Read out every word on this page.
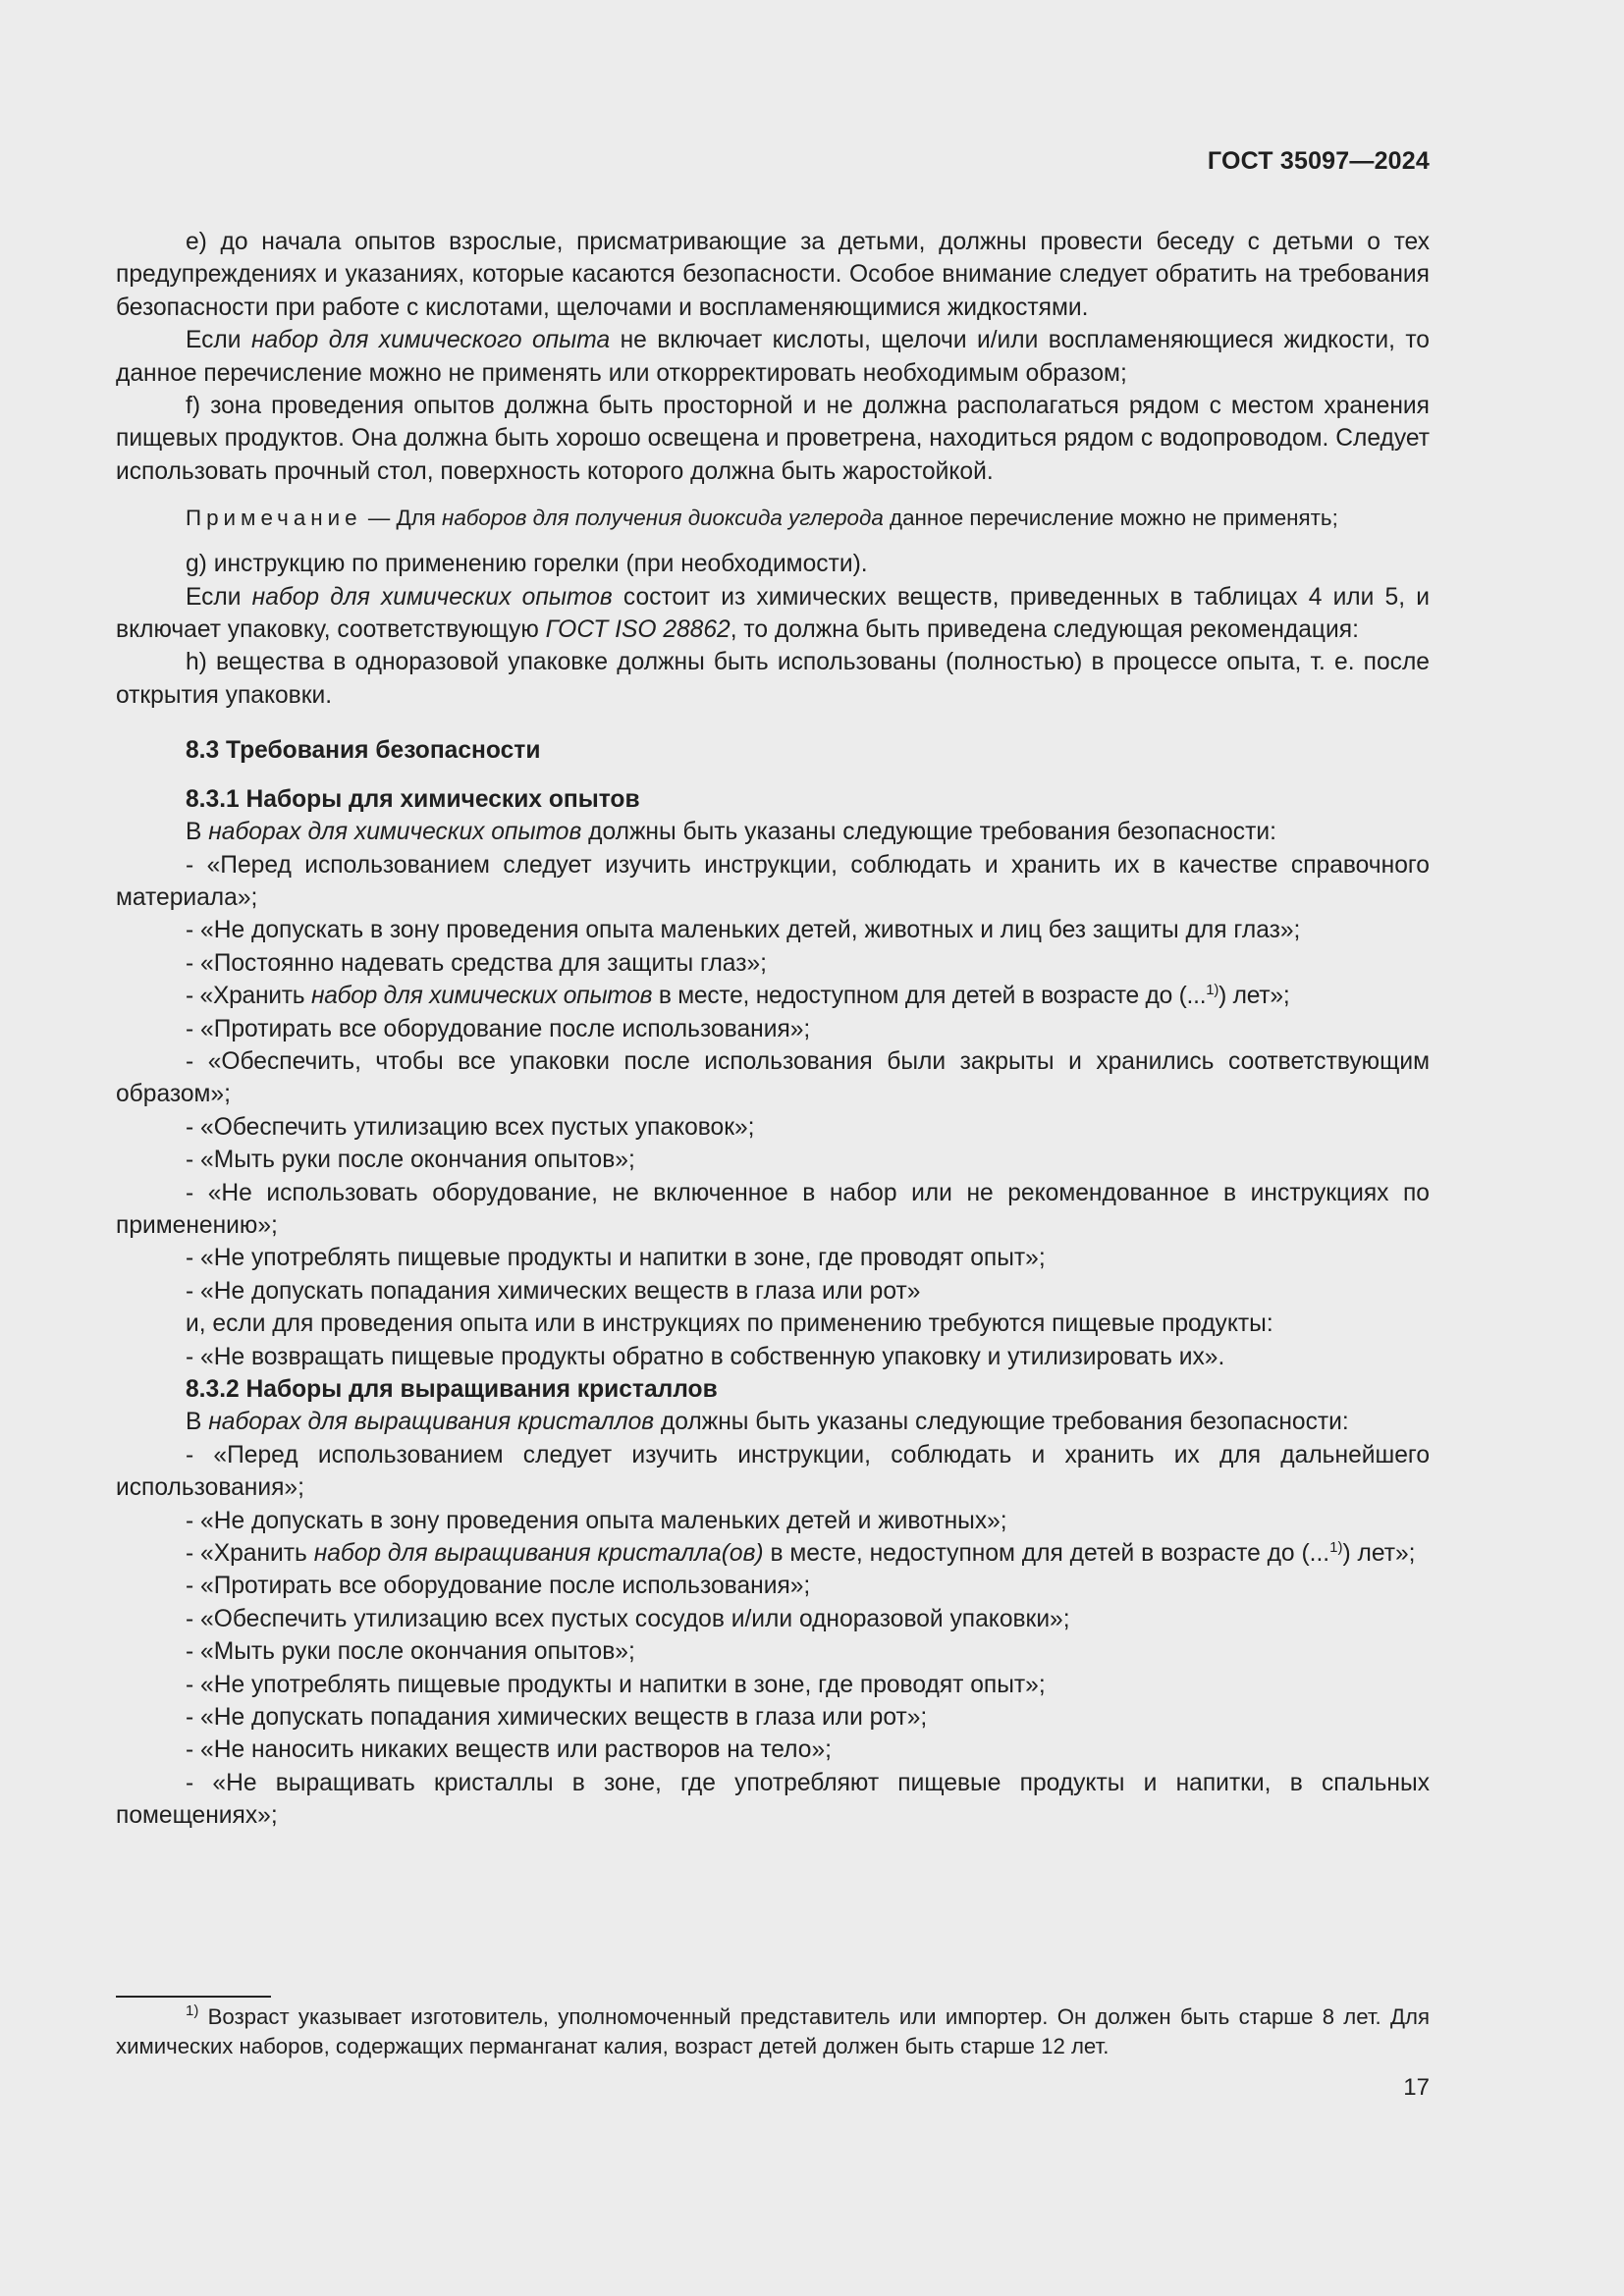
ГОСТ 35097—2024

е) до начала опытов взрослые, присматривающие за детьми, должны провести беседу с детьми о тех предупреждениях и указаниях, которые касаются безопасности. Особое внимание следует обратить на требования безопасности при работе с кислотами, щелочами и воспламеняющимися жидкостями.

Если набор для химического опыта не включает кислоты, щелочи и/или воспламеняющиеся жидкости, то данное перечисление можно не применять или откорректировать необходимым образом;

f) зона проведения опытов должна быть просторной и не должна располагаться рядом с местом хранения пищевых продуктов. Она должна быть хорошо освещена и проветрена, находиться рядом с водопроводом. Следует использовать прочный стол, поверхность которого должна быть жаростойкой.

Примечание — Для наборов для получения диоксида углерода данное перечисление можно не применять;

g) инструкцию по применению горелки (при необходимости).

Если набор для химических опытов состоит из химических веществ, приведенных в таблицах 4 или 5, и включает упаковку, соответствующую ГОСТ ISO 28862, то должна быть приведена следующая рекомендация:

h) вещества в одноразовой упаковке должны быть использованы (полностью) в процессе опыта, т. е. после открытия упаковки.

8.3 Требования безопасности
8.3.1 Наборы для химических опытов

В наборах для химических опытов должны быть указаны следующие требования безопасности:

- «Перед использованием следует изучить инструкции, соблюдать и хранить их в качестве справочного материала»;

- «Не допускать в зону проведения опыта маленьких детей, животных и лиц без защиты для глаз»;

- «Постоянно надевать средства для защиты глаз»;

- «Хранить набор для химических опытов в месте, недоступном для детей в возрасте до (...$^{1)}$) лет»;

- «Протирать все оборудование после использования»;

- «Обеспечить, чтобы все упаковки после использования были закрыты и хранились соответствующим образом»;

- «Обеспечить утилизацию всех пустых упаковок»;

- «Мыть руки после окончания опытов»;

- «Не использовать оборудование, не включенное в набор или не рекомендованное в инструкциях по применению»;

- «Не употреблять пищевые продукты и напитки в зоне, где проводят опыт»;

- «Не допускать попадания химических веществ в глаза или рот»

и, если для проведения опыта или в инструкциях по применению требуются пищевые продукты:

- «Не возвращать пищевые продукты обратно в собственную упаковку и утилизировать их».

8.3.2 Наборы для выращивания кристаллов

В наборах для выращивания кристаллов должны быть указаны следующие требования безопасности:

- «Перед использованием следует изучить инструкции, соблюдать и хранить их для дальнейшего использования»;

- «Не допускать в зону проведения опыта маленьких детей и животных»;

- «Хранить набор для выращивания кристалла(ов) в месте, недоступном для детей в возрасте до (...$^{1)}$) лет»;

- «Протирать все оборудование после использования»;

- «Обеспечить утилизацию всех пустых сосудов и/или одноразовой упаковки»;

- «Мыть руки после окончания опытов»;

- «Не употреблять пищевые продукты и напитки в зоне, где проводят опыт»;

- «Не допускать попадания химических веществ в глаза или рот»;

- «Не наносить никаких веществ или растворов на тело»;

- «Не выращивать кристаллы в зоне, где употребляют пищевые продукты и напитки, в спальных помещениях»;

$^{1)}$ Возраст указывает изготовитель, уполномоченный представитель или импортер. Он должен быть старше 8 лет. Для химических наборов, содержащих перманганат калия, возраст детей должен быть старше 12 лет.

17
